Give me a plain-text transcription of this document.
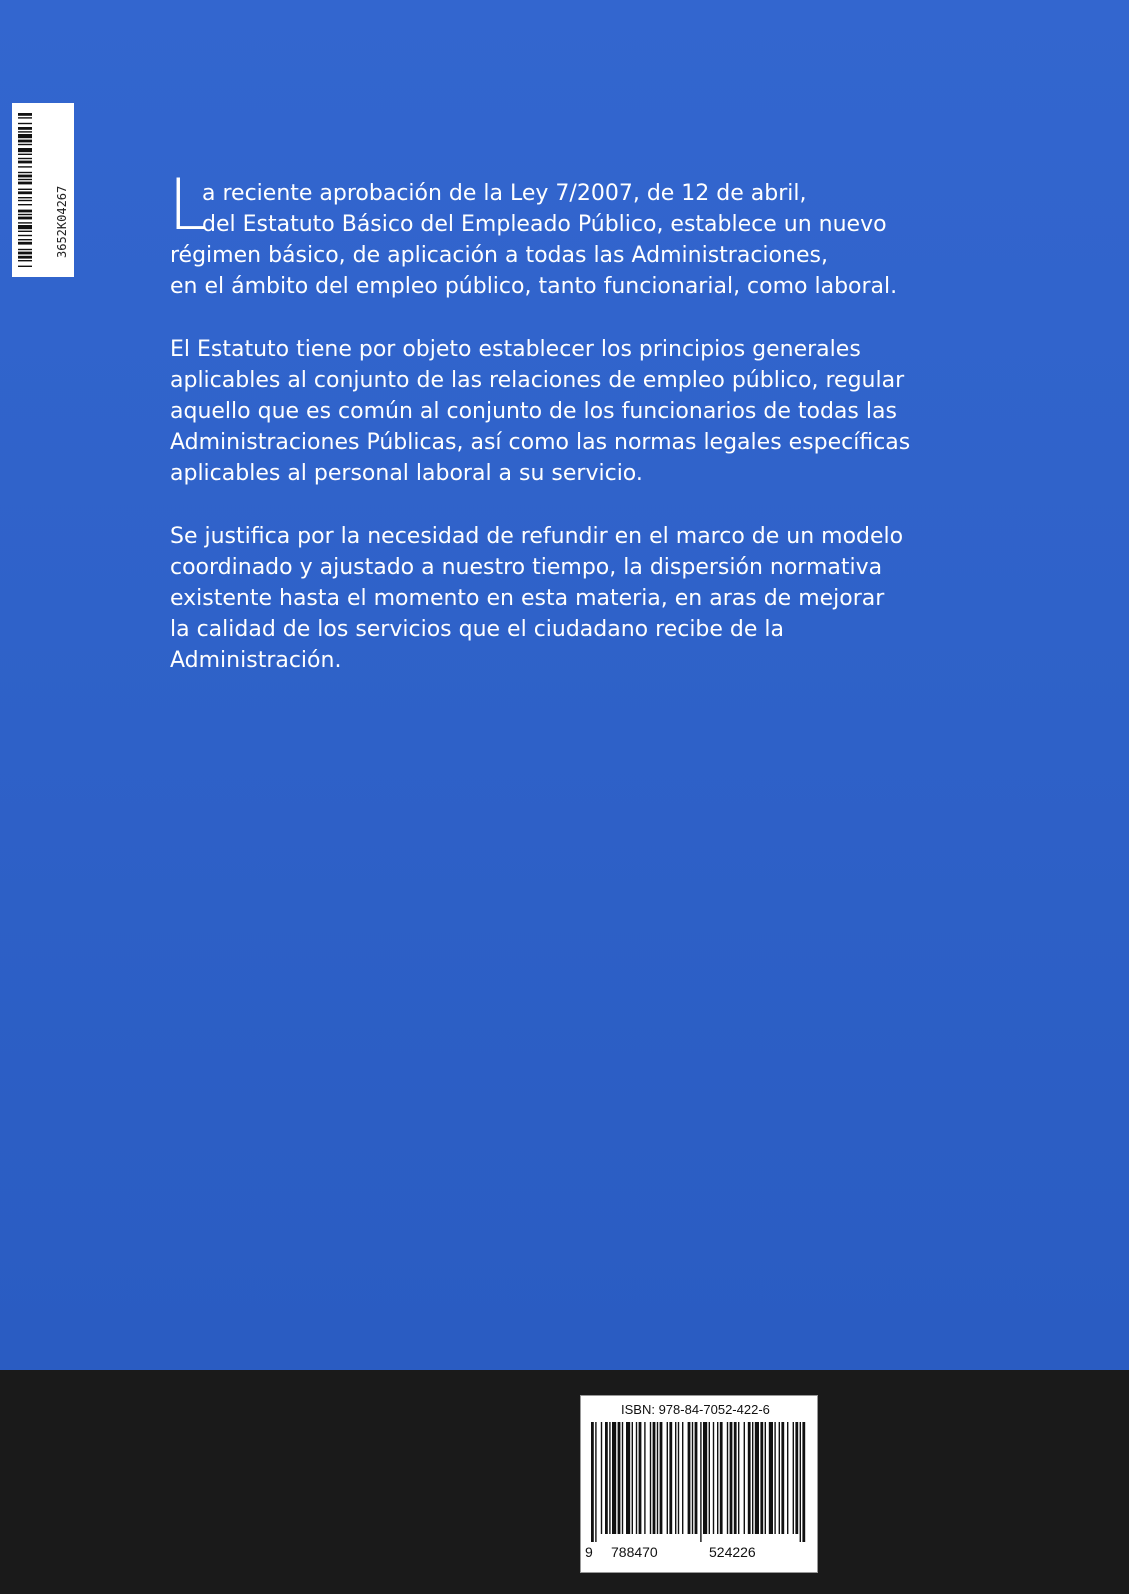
3652K04267 L
a reciente aprobación de la Ley 7/2007, de 12 de abril,
del Estatuto Básico del Empleado Público, establece un nuevo
régimen básico, de aplicación a todas las Administraciones,
en el ámbito del empleo público, tanto funcionarial, como laboral.

El Estatuto tiene por objeto establecer los principios generales
aplicables al conjunto de las relaciones de empleo público, regular
aquello que es común al conjunto de los funcionarios de todas las
Administraciones Públicas, así como las normas legales específicas
aplicables al personal laboral a su servicio.

Se justifica por la necesidad de refundir en el marco de un modelo
coordinado y ajustado a nuestro tiempo, la dispersión normativa
existente hasta el momento en esta materia, en aras de mejorar
la calidad de los servicios que el ciudadano recibe de la
Administración.

ISBN: 978-84-7052-422-6
9 788470	524226
